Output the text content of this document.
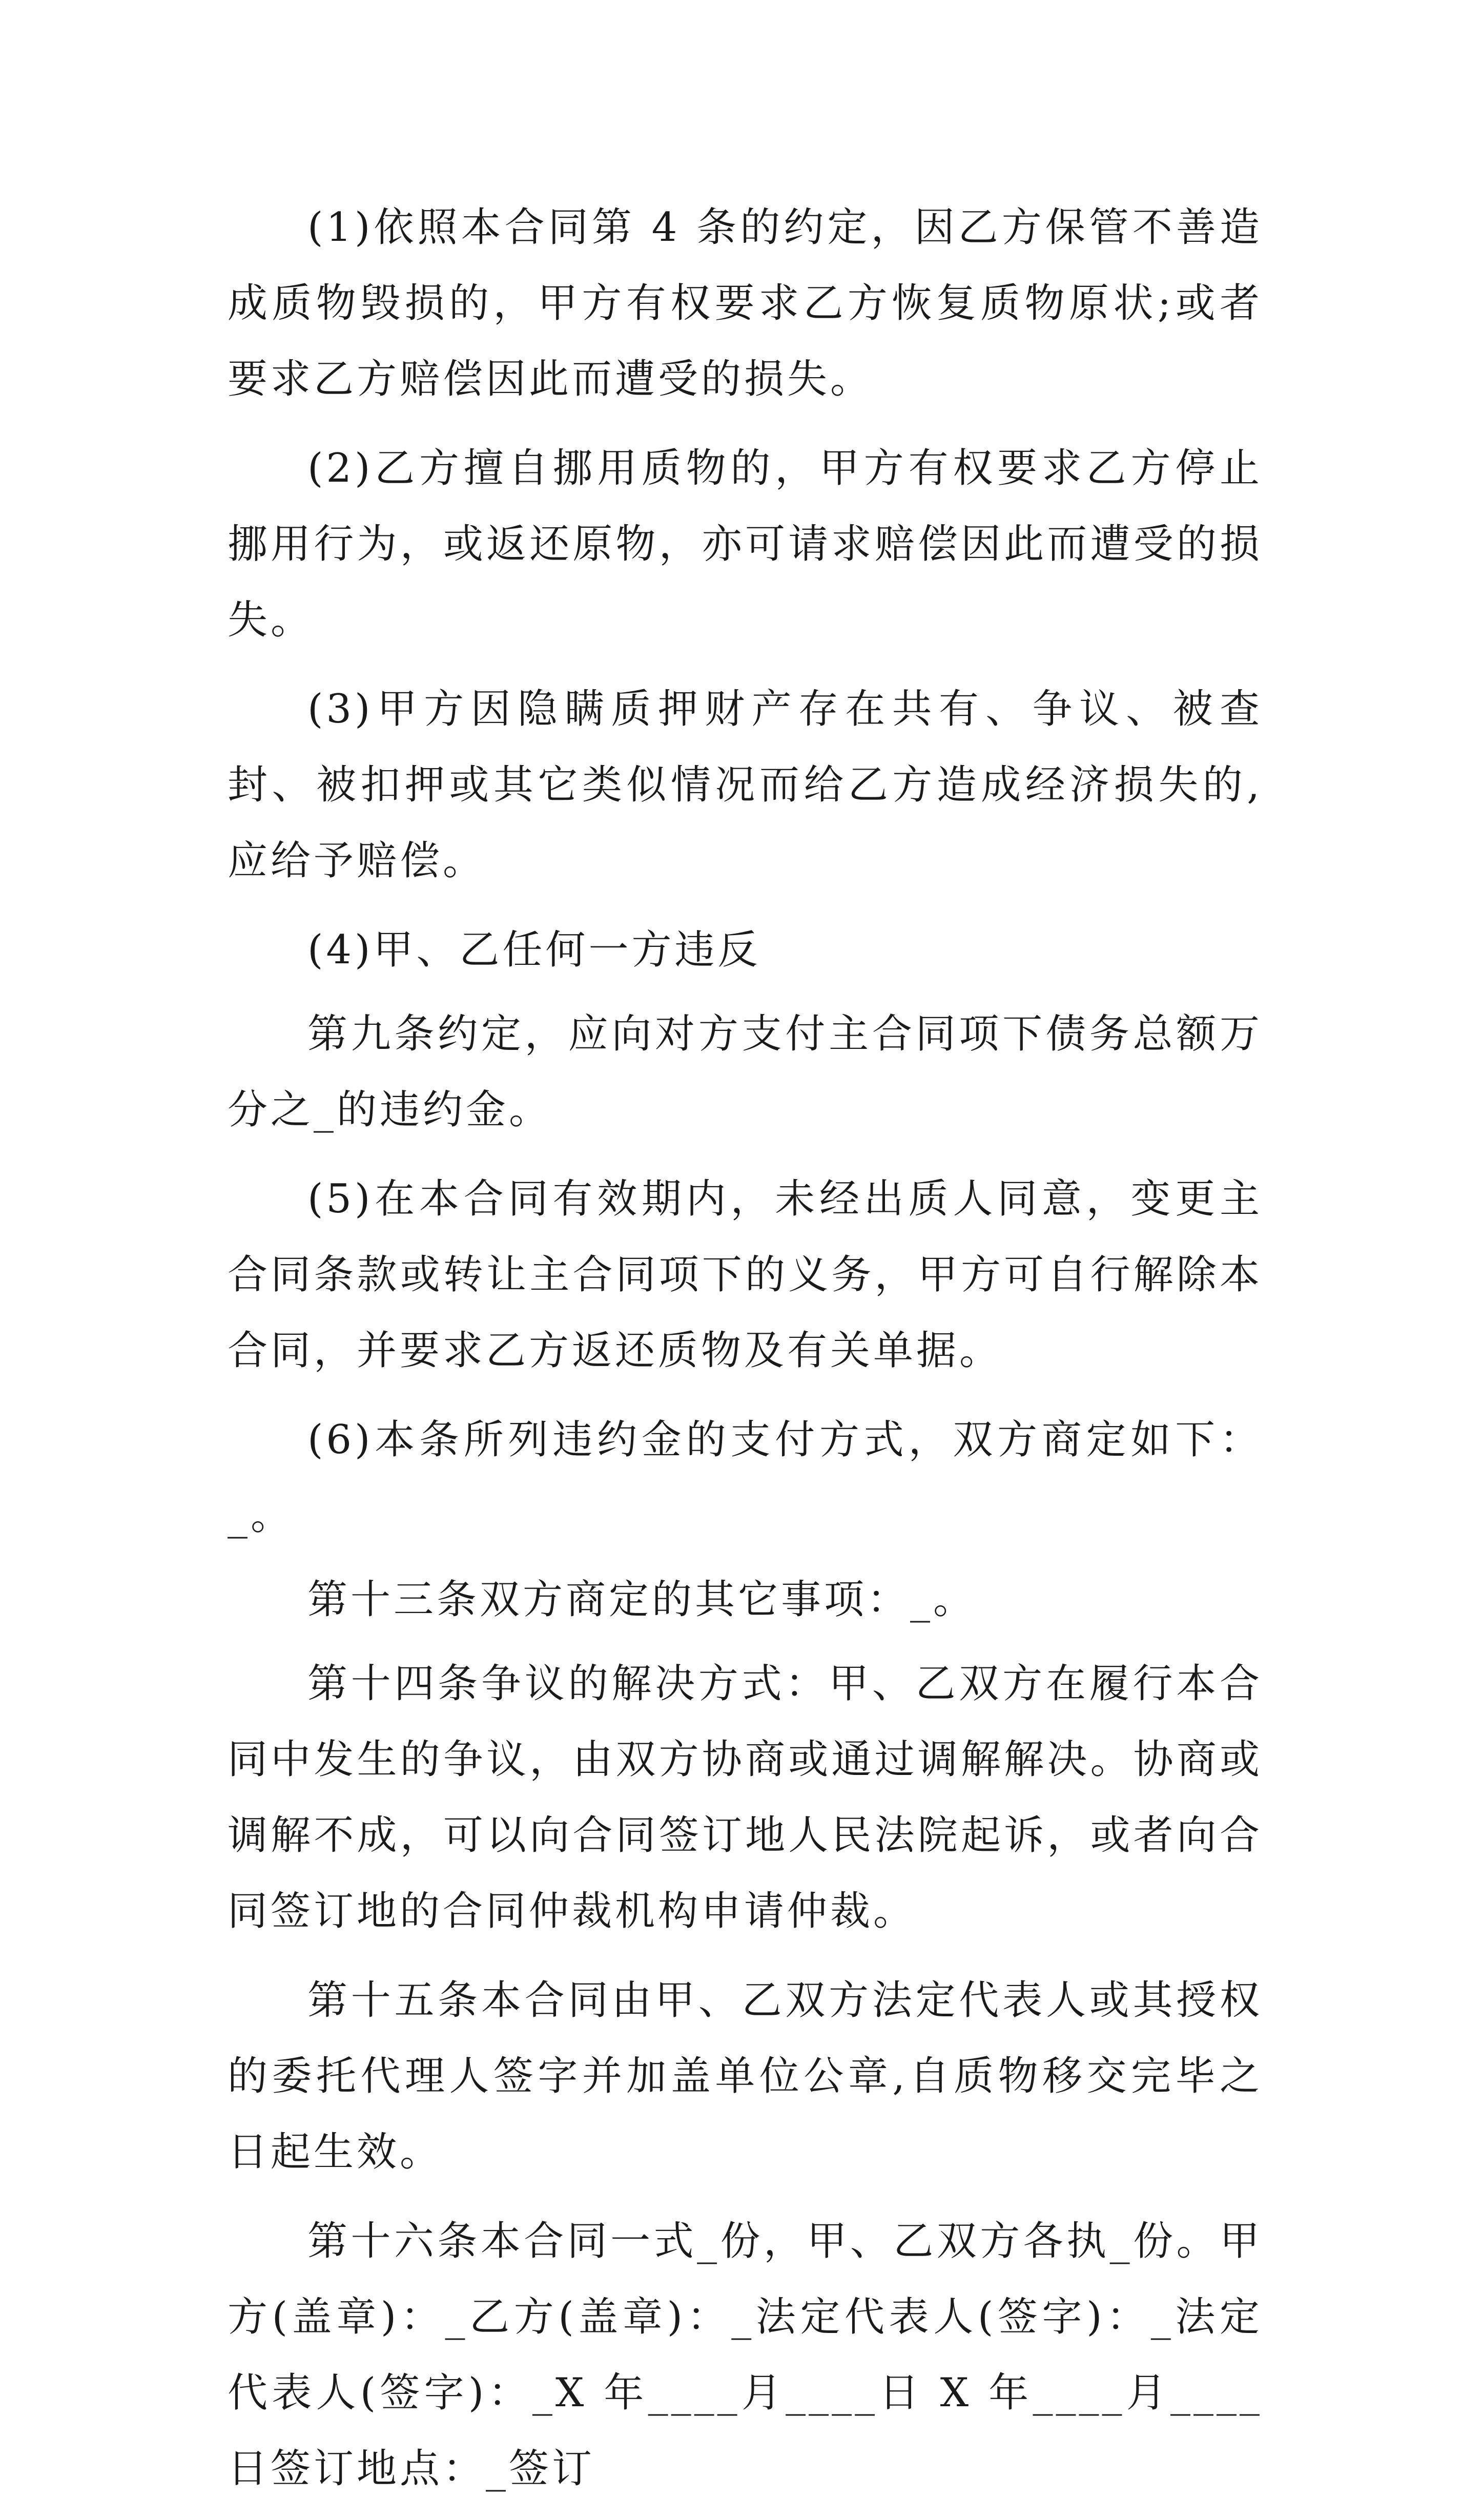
(1)依照本合同第 4 条的约定，因乙方保管不善造成质物毁损的，甲方有权要求乙方恢复质物原状;或者要求乙方赔偿因此而遭受的损失。

(2)乙方擅自挪用质物的，甲方有权要求乙方停止挪用行为，或返还原物，亦可请求赔偿因此而遭受的损失。

(3)甲方因隐瞒质押财产存在共有、争议、被查封、被扣押或其它类似情况而给乙方造成经济损失的,应给予赔偿。

(4)甲、乙任何一方违反

第九条约定，应向对方支付主合同项下债务总额万分之_的违约金。

(5)在本合同有效期内，未经出质人同意，变更主合同条款或转让主合同项下的义务，甲方可自行解除本合同，并要求乙方返还质物及有关单据。

(6)本条所列违约金的支付方式，双方商定如下：_。

第十三条双方商定的其它事项：_。

第十四条争议的解决方式：甲、乙双方在履行本合同中发生的争议，由双方协商或通过调解解决。协商或调解不成，可以向合同签订地人民法院起诉，或者向合同签订地的合同仲裁机构申请仲裁。

第十五条本合同由甲、乙双方法定代表人或其授权的委托代理人签字并加盖单位公章,自质物移交完毕之日起生效。

第十六条本合同一式_份，甲、乙双方各执_份。甲方(盖章)：_乙方(盖章)：_法定代表人(签字)：_法定代表人(签字)：_X 年____月____日 X 年____月____日签订地点：_签订
